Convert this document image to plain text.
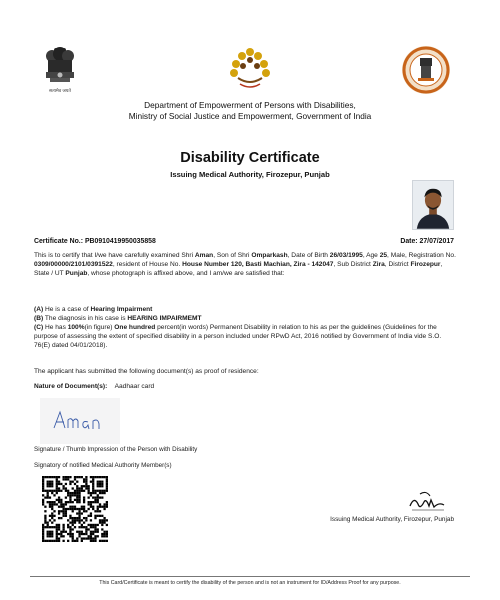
सत्यमेव जयते
Department of Empowerment of Persons with Disabilities,
Ministry of Social Justice and Empowerment, Government of India
Disability Certificate
Issuing Medical Authority, Firozepur, Punjab
Certificate No.: PB0910419950035858	Date: 27/07/2017
This is to certify that I/we have carefully examined Shri Aman, Son of Shri Omparkash, Date of Birth 26/03/1995, Age 25, Male, Registration No. 0309/00000/2101/0391522, resident of House No. House Number 120, Basti Machian, Zira - 142047, Sub District Zira, District Firozepur, State / UT Punjab, whose photograph is affixed above, and I am/we are satisfied that:
(A) He is a case of Hearing Impairment
(B) The diagnosis in his case is HEARING IMPAIRMEMT
(C) He has 100%(in figure) One hundred percent(in words) Permanent Disability in relation to his as per the guidelines (Guidelines for the purpose of assessing the extent of specified disability in a person included under RPwD Act, 2016 notified by Government of India vide S.O. 76(E) dated 04/01/2018).
The applicant has submitted the following document(s) as proof of residence:
Nature of Document(s): Aadhaar card
Signature / Thumb Impression of the Person with Disability
Signatory of notified Medical Authority Member(s)
Issuing Medical Authority, Firozepur, Punjab
This Card/Certificate is meant to certify the disability of the person and is not an instrument for ID/Address Proof for any purpose.
